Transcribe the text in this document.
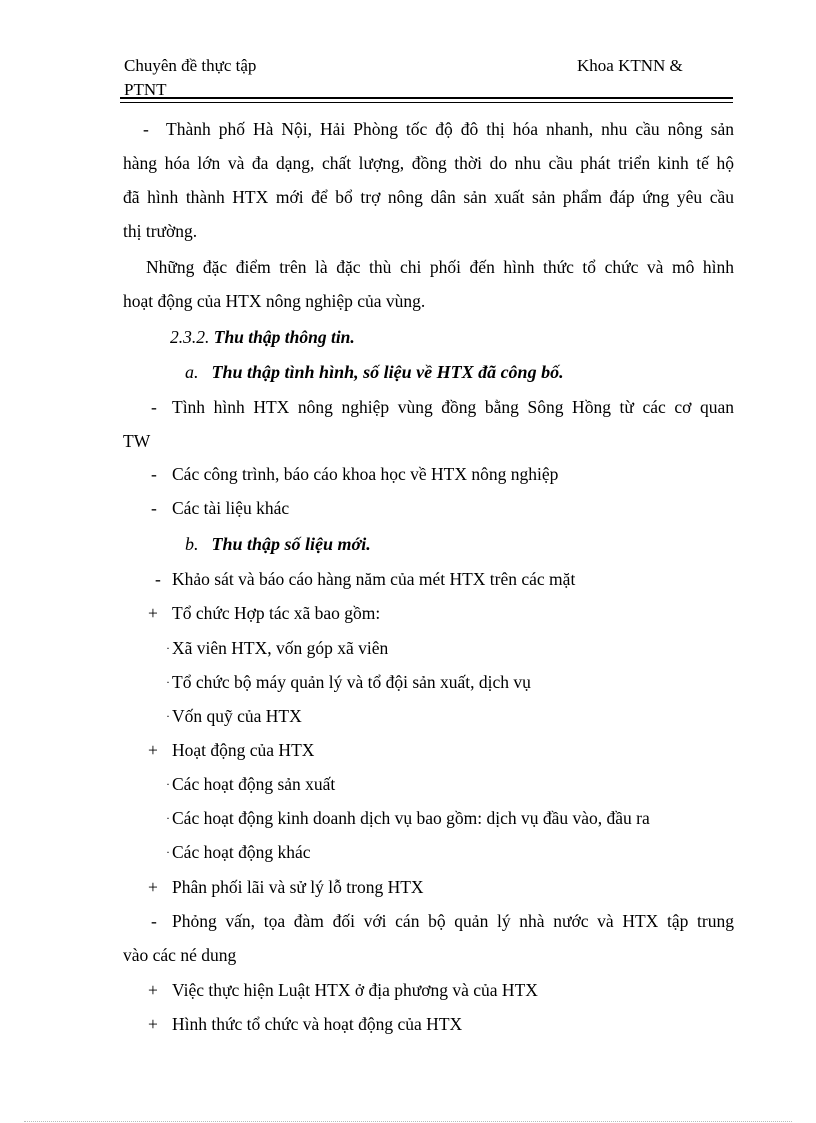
Chuyên đề thực tập
PTNT
Khoa KTNN &
- Thành phố Hà Nội, Hải Phòng tốc độ đô thị hóa nhanh, nhu cầu nông sản
hàng hóa lớn và đa dạng, chất lượng, đồng thời do nhu cầu phát triển kinh tế hộ
đã hình thành HTX mới để bổ trợ nông dân sản xuất sản phẩm đáp ứng yêu cầu
thị trường.
Những đặc điểm trên là đặc thù chi phối đến hình thức tổ chức và mô hình
hoạt động của HTX nông nghiệp của vùng.
2.3.2. Thu thập thông tin.
a. Thu thập tình hình, số liệu về HTX đã công bố.
- Tình hình HTX nông nghiệp vùng đồng bằng Sông Hồng từ các cơ quan
TW
- Các công trình, báo cáo khoa học về HTX nông nghiệp
- Các tài liệu khác
b. Thu thập số liệu mới.
- Khảo sát và báo cáo hàng năm của mét HTX trên các mặt
+ Tổ chức Hợp tác xã bao gồm:
· Xã viên HTX, vốn góp xã viên
· Tổ chức bộ máy quản lý và tổ đội sản xuất, dịch vụ
· Vốn quỹ của HTX
+ Hoạt động của HTX
· Các hoạt động sản xuất
· Các hoạt động kinh doanh dịch vụ bao gồm: dịch vụ đầu vào, đầu ra
· Các hoạt động khác
+ Phân phối lãi và sử lý lỗ trong HTX
- Phỏng vấn, tọa đàm đối với cán bộ quản lý nhà nước và HTX tập trung
vào các né dung
+ Việc thực hiện Luật HTX ở địa phương và của HTX
+ Hình thức tổ chức và hoạt động của HTX
